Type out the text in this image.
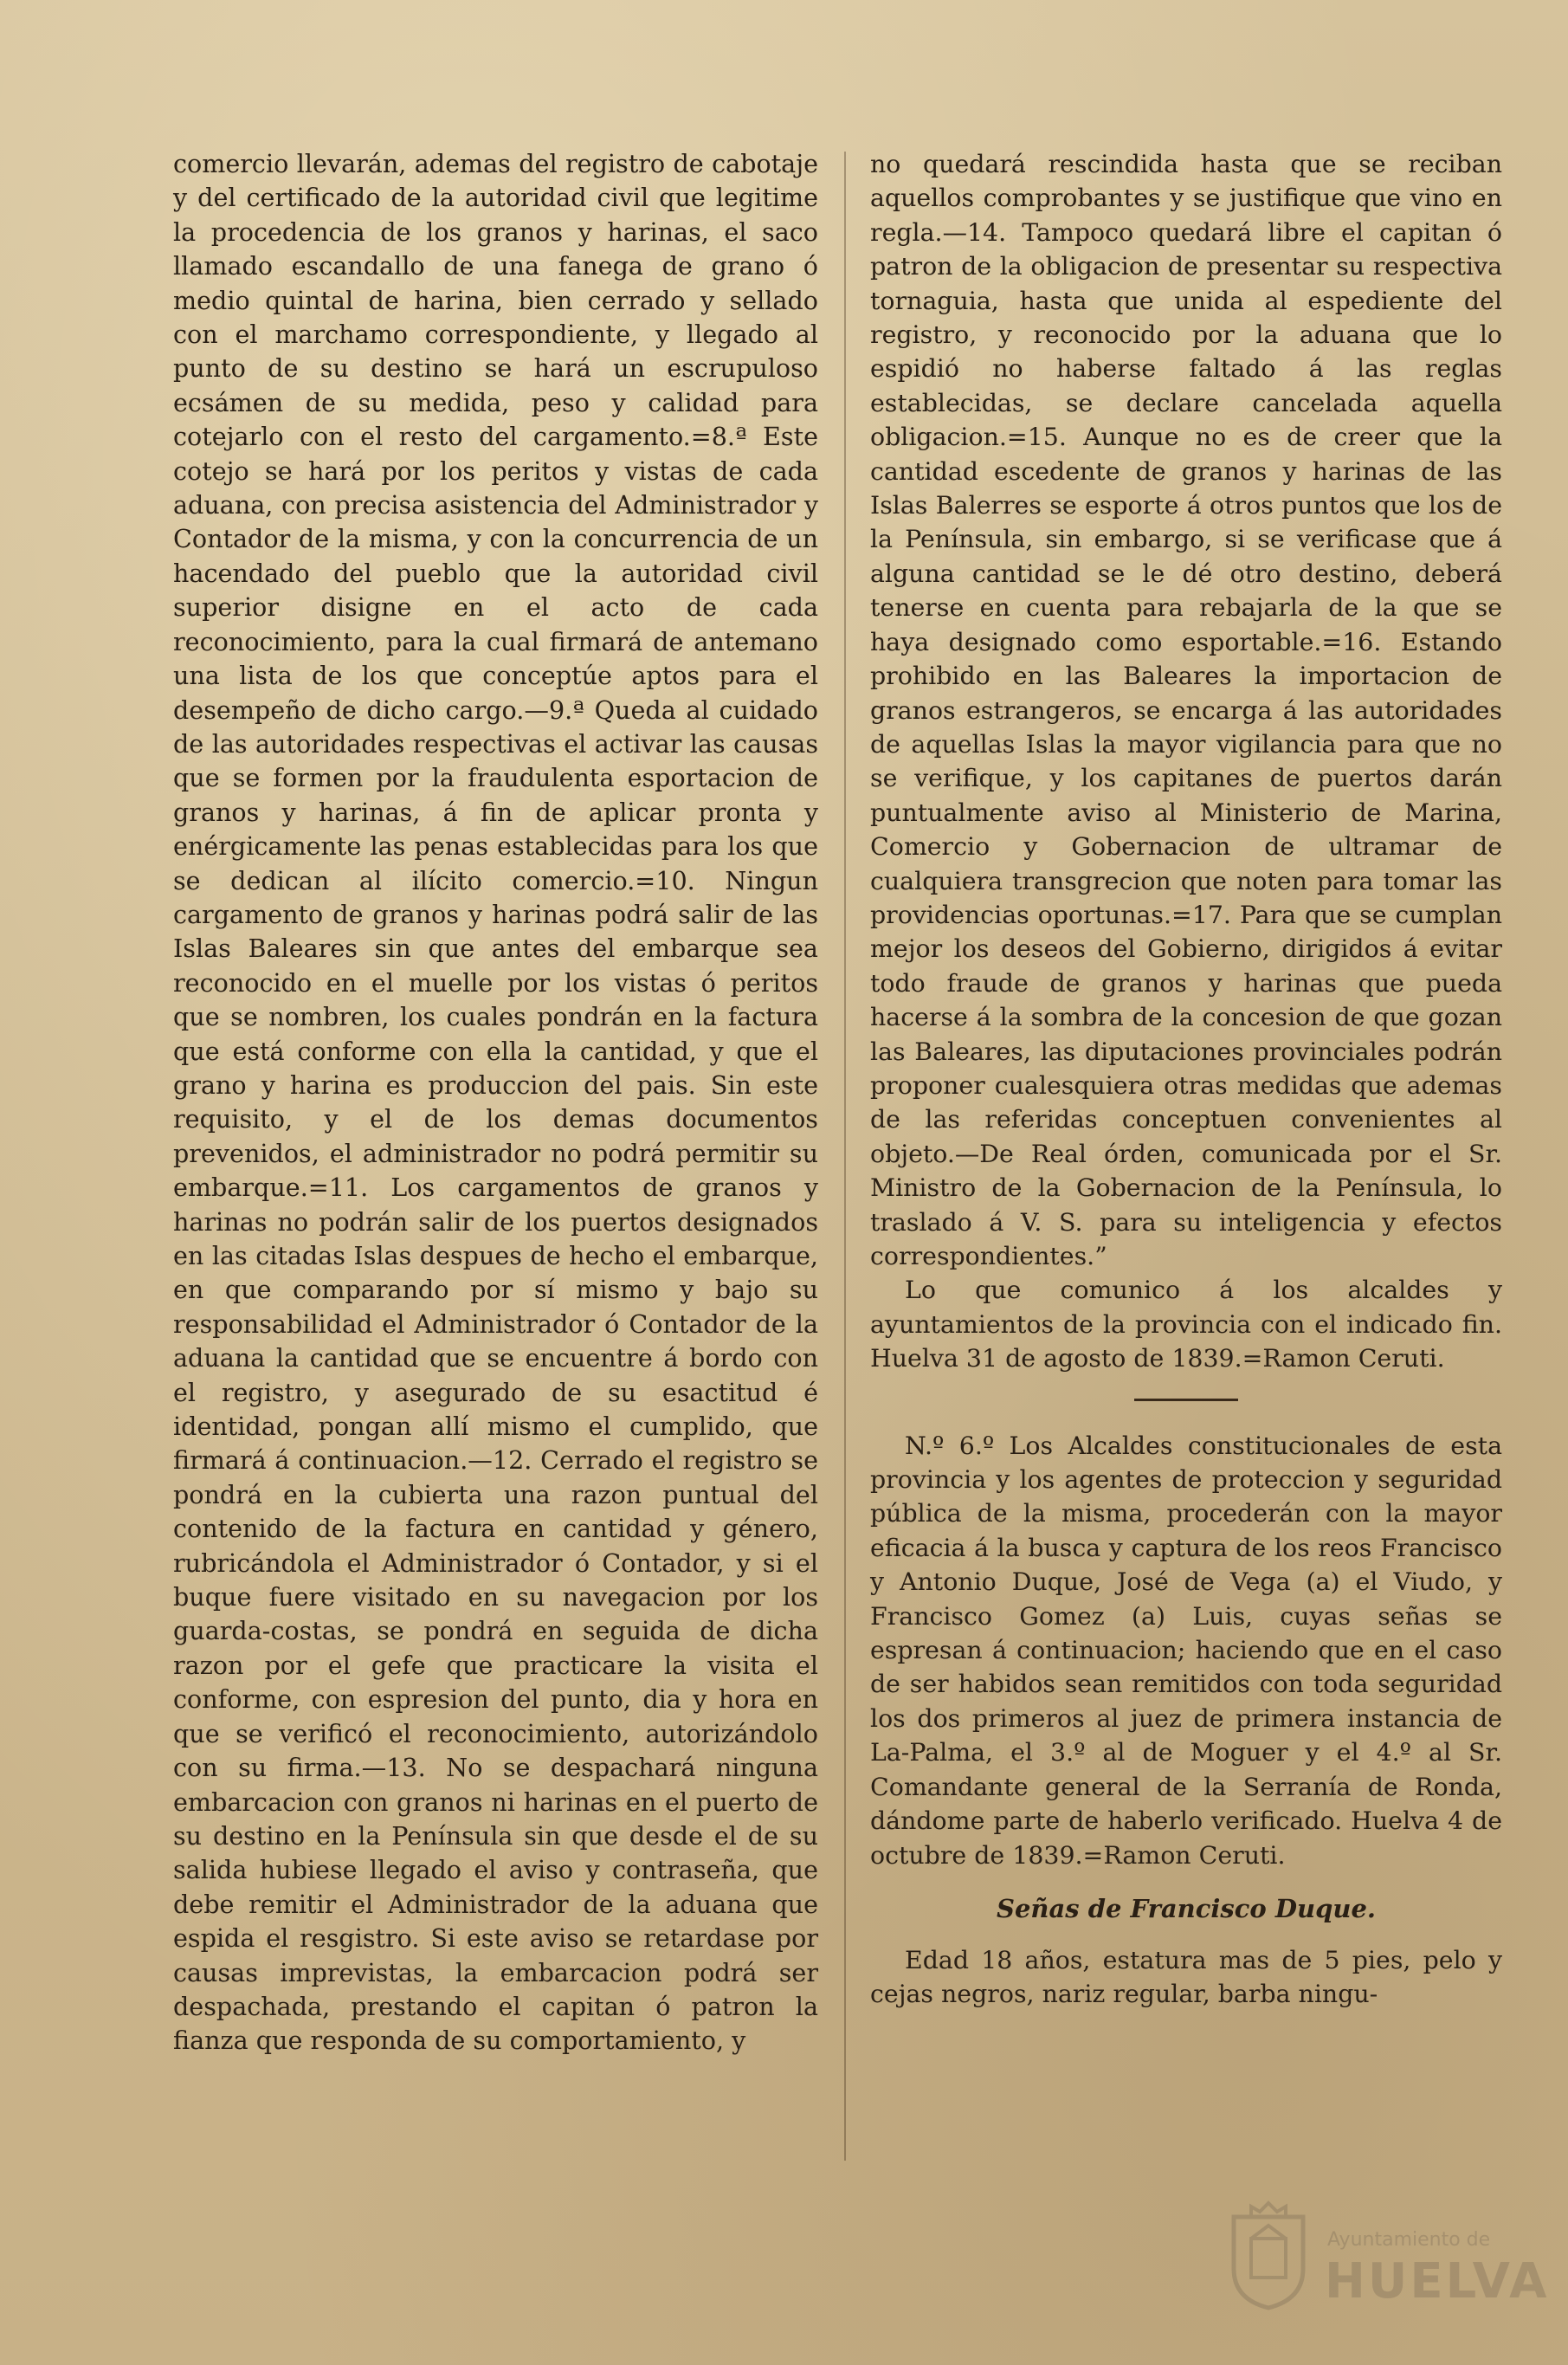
comercio llevarán, ademas del registro de cabotaje y del certificado de la autoridad civil que legitime la procedencia de los granos y harinas, el saco llamado escandallo de una fanega de grano ó medio quintal de harina, bien cerrado y sellado con el marchamo correspondiente, y llegado al punto de su destino se hará un escrupuloso ecsámen de su medida, peso y calidad para cotejarlo con el resto del cargamento.=8.ª Este cotejo se hará por los peritos y vistas de cada aduana, con precisa asistencia del Administrador y Contador de la misma, y con la concurrencia de un hacendado del pueblo que la autoridad civil superior disigne en el acto de cada reconocimiento, para la cual firmará de antemano una lista de los que conceptúe aptos para el desempeño de dicho cargo.—9.ª Queda al cuidado de las autoridades respectivas el activar las causas que se formen por la fraudulenta esportacion de granos y harinas, á fin de aplicar pronta y enérgicamente las penas establecidas para los que se dedican al ilícito comercio.=10. Ningun cargamento de granos y harinas podrá salir de las Islas Baleares sin que antes del embarque sea reconocido en el muelle por los vistas ó peritos que se nombren, los cuales pondrán en la factura que está conforme con ella la cantidad, y que el grano y harina es produccion del pais. Sin este requisito, y el de los demas documentos prevenidos, el administrador no podrá permitir su embarque.=11. Los cargamentos de granos y harinas no podrán salir de los puertos designados en las citadas Islas despues de hecho el embarque, en que comparando por sí mismo y bajo su responsabilidad el Administrador ó Contador de la aduana la cantidad que se encuentre á bordo con el registro, y asegurado de su esactitud é identidad, pongan allí mismo el cumplido, que firmará á continuacion.—12. Cerrado el registro se pondrá en la cubierta una razon puntual del contenido de la factura en cantidad y género, rubricándola el Administrador ó Contador, y si el buque fuere visitado en su navegacion por los guarda-costas, se pondrá en seguida de dicha razon por el gefe que practicare la visita el conforme, con espresion del punto, dia y hora en que se verificó el reconocimiento, autorizándolo con su firma.—13. No se despachará ninguna embarcacion con granos ni harinas en el puerto de su destino en la Península sin que desde el de su salida hubiese llegado el aviso y contraseña, que debe remitir el Administrador de la aduana que espida el resgistro. Si este aviso se retardase por causas imprevistas, la embarcacion podrá ser despachada, prestando el capitan ó patron la fianza que responda de su comportamiento, y

no quedará rescindida hasta que se reciban aquellos comprobantes y se justifique que vino en regla.—14. Tampoco quedará libre el capitan ó patron de la obligacion de presentar su respectiva tornaguia, hasta que unida al espediente del registro, y reconocido por la aduana que lo espidió no haberse faltado á las reglas establecidas, se declare cancelada aquella obligacion.=15. Aunque no es de creer que la cantidad escedente de granos y harinas de las Islas Balerres se esporte á otros puntos que los de la Península, sin embargo, si se verificase que á alguna cantidad se le dé otro destino, deberá tenerse en cuenta para rebajarla de la que se haya designado como esportable.=16. Estando prohibido en las Baleares la importacion de granos estrangeros, se encarga á las autoridades de aquellas Islas la mayor vigilancia para que no se verifique, y los capitanes de puertos darán puntualmente aviso al Ministerio de Marina, Comercio y Gobernacion de ultramar de cualquiera transgrecion que noten para tomar las providencias oportunas.=17. Para que se cumplan mejor los deseos del Gobierno, dirigidos á evitar todo fraude de granos y harinas que pueda hacerse á la sombra de la concesion de que gozan las Baleares, las diputaciones provinciales podrán proponer cualesquiera otras medidas que ademas de las referidas conceptuen convenientes al objeto.—De Real órden, comunicada por el Sr. Ministro de la Gobernacion de la Península, lo traslado á V. S. para su inteligencia y efectos correspondientes.”

Lo que comunico á los alcaldes y ayuntamientos de la provincia con el indicado fin. Huelva 31 de agosto de 1839.=Ramon Ceruti.

N.º 6.º Los Alcaldes constitucionales de esta provincia y los agentes de proteccion y seguridad pública de la misma, procederán con la mayor eficacia á la busca y captura de los reos Francisco y Antonio Duque, José de Vega (a) el Viudo, y Francisco Gomez (a) Luis, cuyas señas se espresan á continuacion; haciendo que en el caso de ser habidos sean remitidos con toda seguridad los dos primeros al juez de primera instancia de La-Palma, el 3.º al de Moguer y el 4.º al Sr. Comandante general de la Serranía de Ronda, dándome parte de haberlo verificado. Huelva 4 de octubre de 1839.=Ramon Ceruti.

Señas de Francisco Duque.

Edad 18 años, estatura mas de 5 pies, pelo y cejas negros, nariz regular, barba ningu-

Ayuntamiento de
HUELVA
